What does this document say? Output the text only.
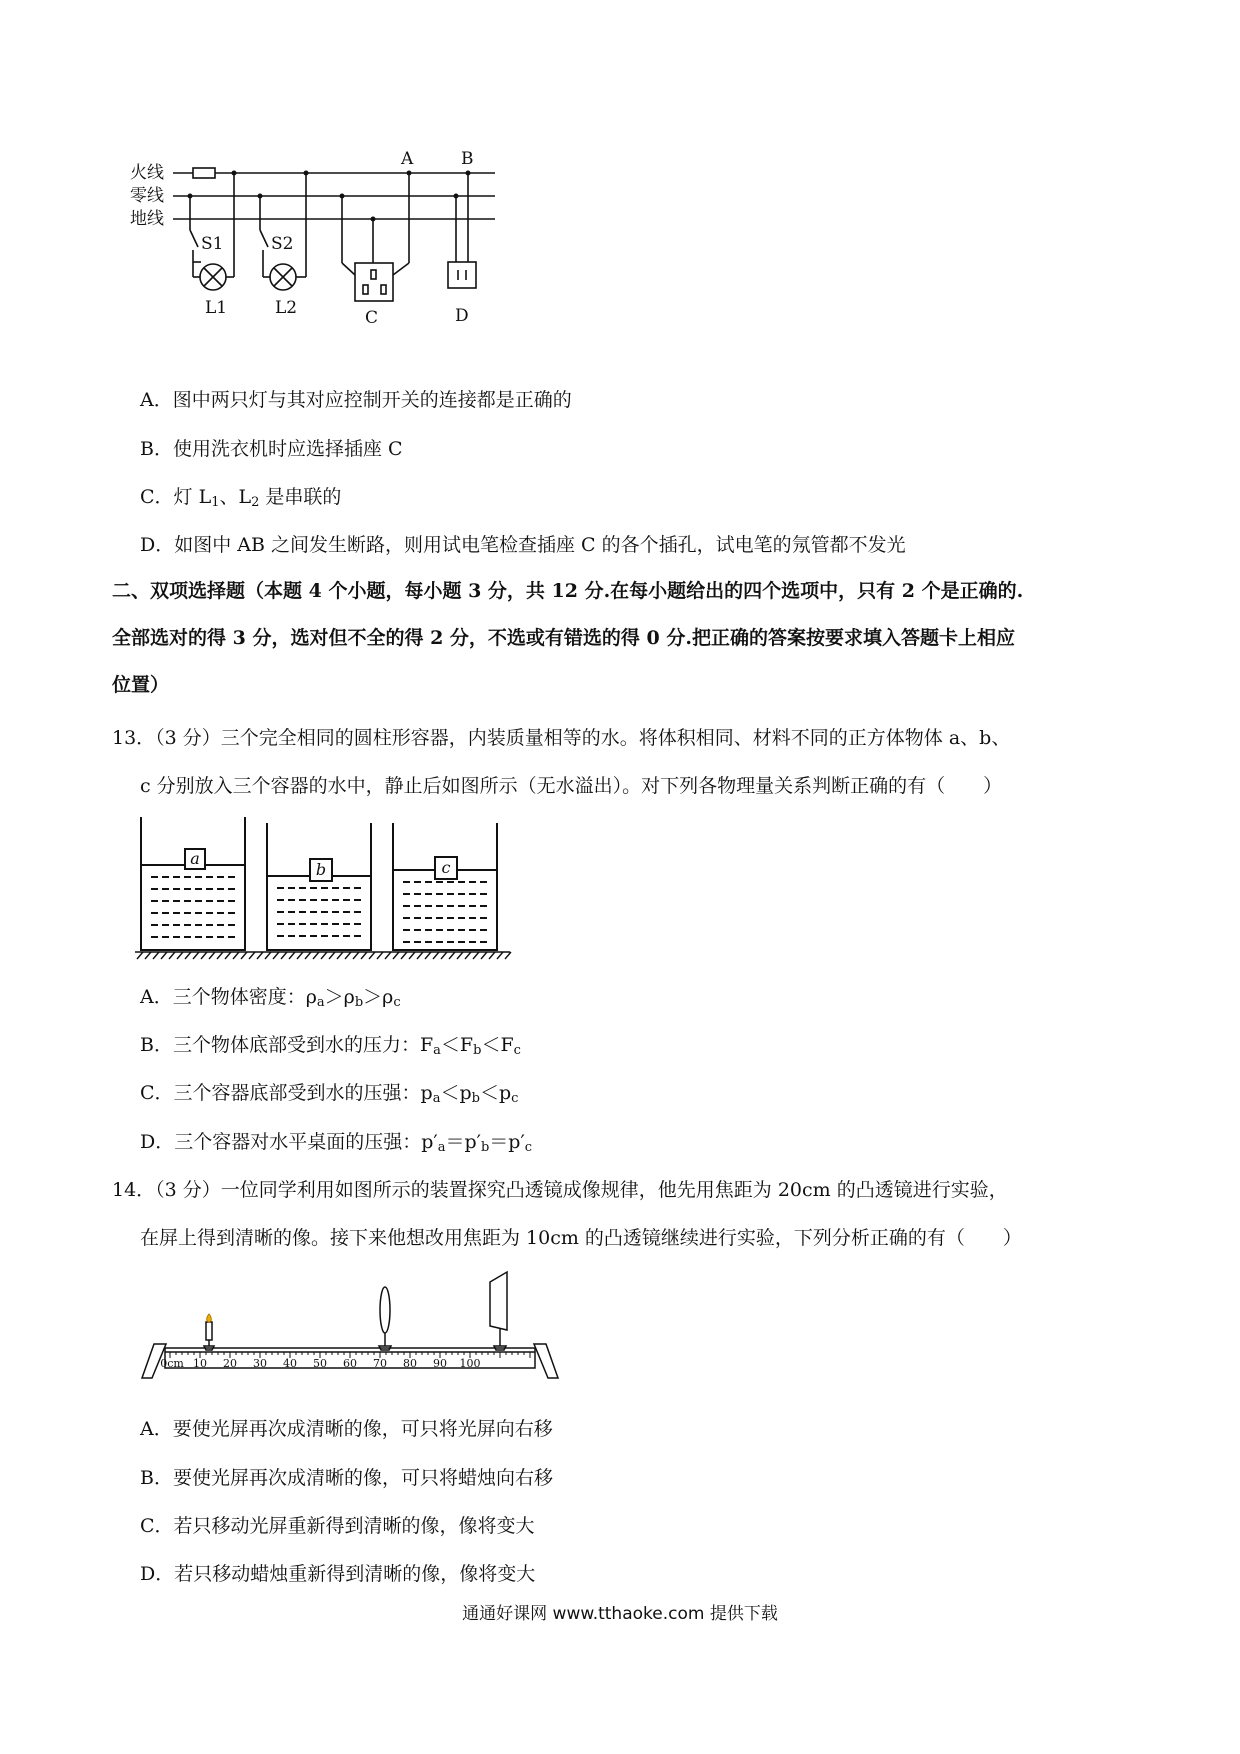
火线
零线
地线
A	B
C	D
S1	S2
L1	L2
A．图中两只灯与其对应控制开关的连接都是正确的
B．使用洗衣机时应选择插座 C
C．灯 $L_1$、$L_2$ 是串联的
D．如图中 AB 之间发生断路，则用试电笔检查插座 C 的各个插孔，试电笔的氖管都不发光
二、双项选择题（本题 4 个小题，每小题 3 分，共 12 分.在每小题给出的四个选项中，只有 2 个是正确的.
全部选对的得 3 分，选对但不全的得 2 分，不选或有错选的得 0 分.把正确的答案按要求填入答题卡上相应
位置）
13．（3 分）三个完全相同的圆柱形容器，内装质量相等的水。将体积相同、材料不同的正方体物体 a、b、
c 分别放入三个容器的水中，静止后如图所示（无水溢出）。对下列各物理量关系判断正确的有（　　）
a
b	c
A．三个物体密度：$\rho_a>\rho_b>\rho_c$
B．三个物体底部受到水的压力：$F_a<F_b<F_c$
C．三个容器底部受到水的压强：$p_a<p_b<p_c$
D．三个容器对水平桌面的压强：$p'_a=p'_b=p'_c$
14．（3 分）一位同学利用如图所示的装置探究凸透镜成像规律，他先用焦距为 20cm 的凸透镜进行实验，
在屏上得到清晰的像。接下来他想改用焦距为 10cm 的凸透镜继续进行实验，下列分析正确的有（　　）
0cm 10 20 30 40 50 60 70 80 90 100
A．要使光屏再次成清晰的像，可只将光屏向右移
B．要使光屏再次成清晰的像，可只将蜡烛向右移
C．若只移动光屏重新得到清晰的像，像将变大
D．若只移动蜡烛重新得到清晰的像，像将变大
通通好课网 www.tthaoke.com 提供下载
